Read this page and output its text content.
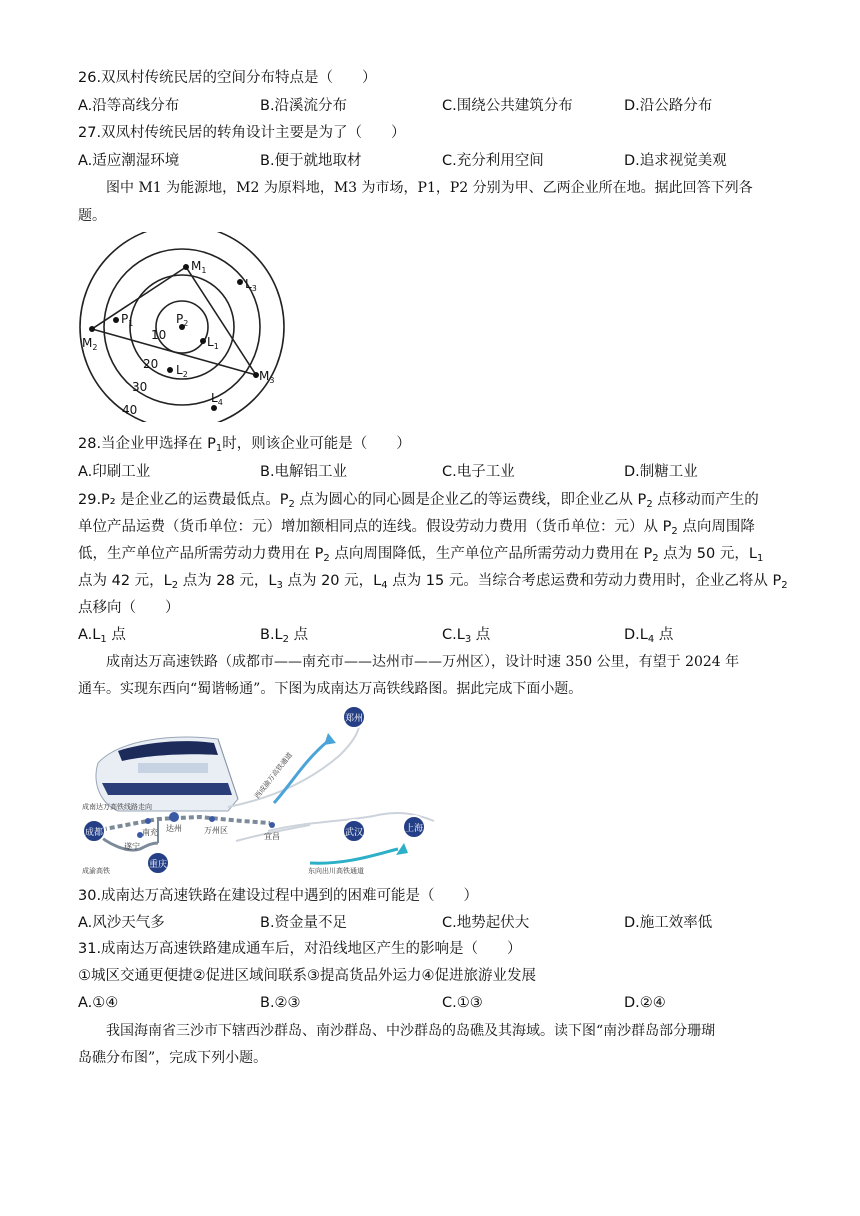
26.双凤村传统民居的空间分布特点是（　　）
A.沿等高线分布	B.沿溪流分布	C.围绕公共建筑分布	D.沿公路分布
27.双凤村传统民居的转角设计主要是为了（　　）
A.适应潮湿环境	B.便于就地取材	C.充分利用空间	D.追求视觉美观
图中 M1 为能源地，M2 为原料地，M3 为市场，P1，P2 分别为甲、乙两企业所在地。据此回答下列各
题。
$M_1$
$M_2$
$M_3$
$P_1$	$P_2$
$L_1$
$L_2$
$L_3$
$L_4$
10
20
30
40
28.当企业甲选择在 $P_1$时，则该企业可能是（　　）
A.印刷工业	B.电解铝工业	C.电子工业	D.制糖工业
29.P₂ 是企业乙的运费最低点。$P_2$ 点为圆心的同心圆是企业乙的等运费线，即企业乙从 $P_2$ 点移动而产生的
单位产品运费（货币单位：元）增加额相同点的连线。假设劳动力费用（货币单位：元）从 $P_2$ 点向周围降
低，生产单位产品所需劳动力费用在 $P_2$ 点向周围降低，生产单位产品所需劳动力费用在 $P_2$ 点为 50 元，$L_1$
点为 42 元，$L_2$ 点为 28 元，$L_3$ 点为 20 元，$L_4$ 点为 15 元。当综合考虑运费和劳动力费用时，企业乙将从 $P_2$
点移向（　　）
$A.L_1$ 点	$B.L_2$ 点	$C.L_3$ 点	$D.L_4$ 点
成南达万高速铁路（成都市——南充市——达州市——万州区），设计时速 350 公里，有望于 2024 年
通车。实现东西向“蜀谐畅通”。下图为成南达万高铁线路图。据此完成下面小题。
成都
重庆
武汉	上海
郑州
遂宁
南充 达州	万州区
宜昌
成南达万高铁线路走向
成渝高铁	东向出川高铁通道
西成渝万高铁通道
30.成南达万高速铁路在建设过程中遇到的困难可能是（　　）
A.风沙天气多	B.资金量不足	C.地势起伏大	D.施工效率低
31.成南达万高速铁路建成通车后，对沿线地区产生的影响是（　　）
①城区交通更便捷②促进区域间联系③提高货品外运力④促进旅游业发展
A.①④	B.②③	C.①③	D.②④
我国海南省三沙市下辖西沙群岛、南沙群岛、中沙群岛的岛礁及其海域。读下图“南沙群岛部分珊瑚
岛礁分布图”，完成下列小题。
